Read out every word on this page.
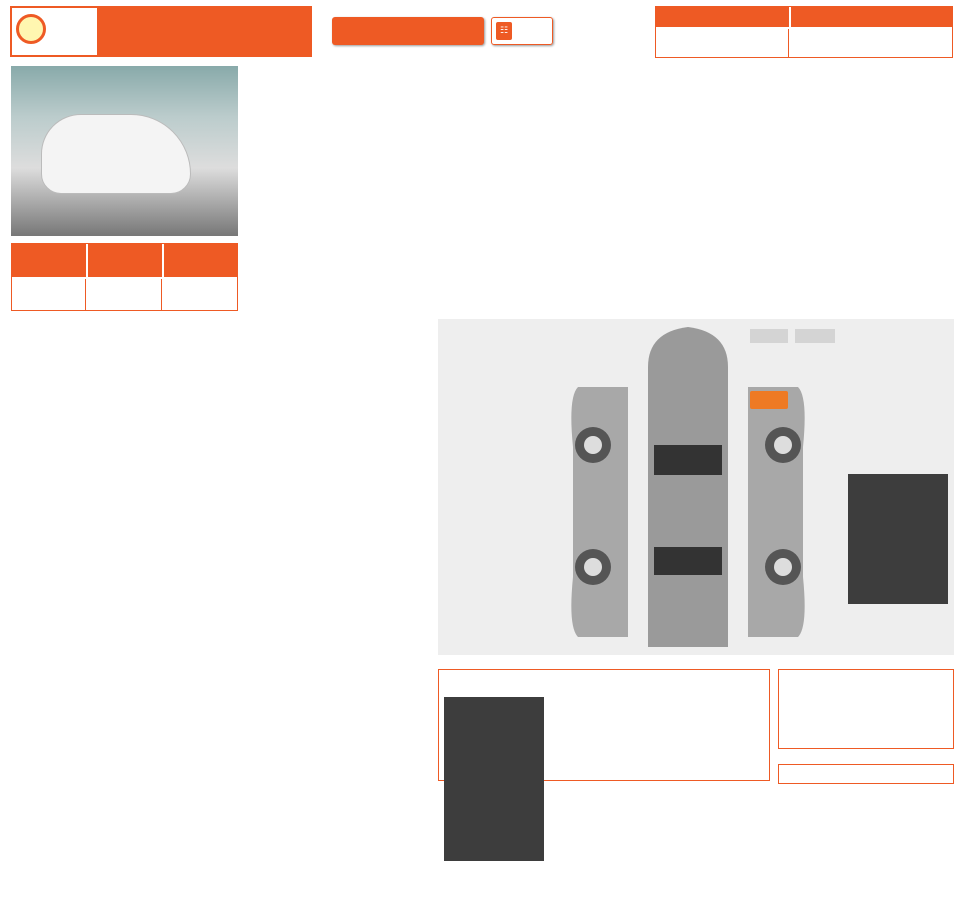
☷
